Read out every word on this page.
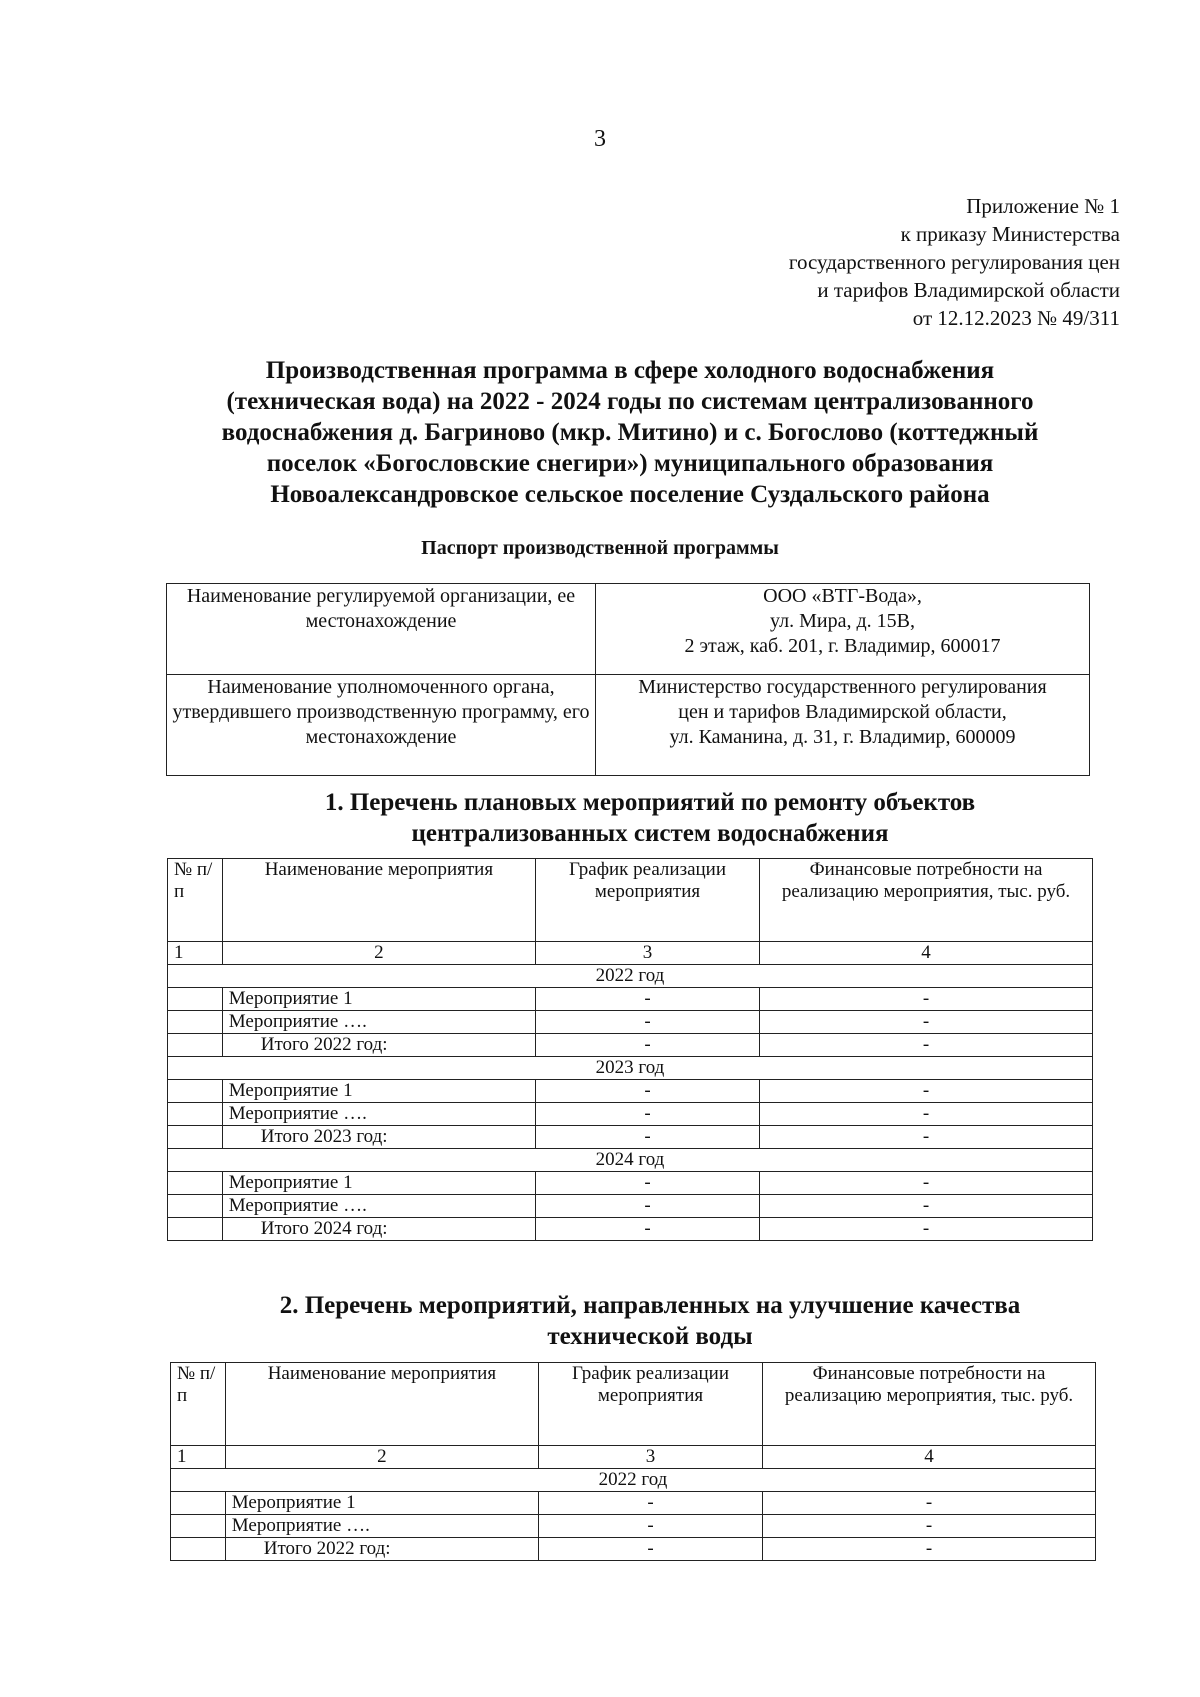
3
Приложение № 1
к приказу Министерства
государственного регулирования цен
и тарифов Владимирской области
от 12.12.2023 № 49/311
Производственная программа в сфере холодного водоснабжения
(техническая вода) на 2022 - 2024 годы по системам централизованного
водоснабжения д. Багриново (мкр. Митино) и с. Богослово (коттеджный
поселок «Богословские снегири») муниципального образования
Новоалександровское сельское поселение Суздальского района
Паспорт производственной программы
Наименование регулируемой организации, ее местонахождение	ООО «ВТГ-Вода»,
ул. Мира, д. 15В,
2 этаж, каб. 201, г. Владимир, 600017

Наименование уполномоченного органа, утвердившего производственную программу, его местонахождение	Министерство государственного регулирования
цен и тарифов Владимирской области,
ул. Каманина, д. 31, г. Владимир, 600009
1. Перечень плановых мероприятий по ремонту объектов
централизованных систем водоснабжения
№ п/п	Наименование мероприятия	График реализации мероприятия	Финансовые потребности на реализацию мероприятия, тыс. руб.
1	2	3	4
2022 год			
	Мероприятие 1	-	-
	Мероприятие ….	-	-
	Итого 2022 год:	-	-
2023 год			
	Мероприятие 1	-	-
	Мероприятие ….	-	-
	Итого 2023 год:	-	-
2024 год			
	Мероприятие 1	-	-
	Мероприятие ….	-	-
	Итого 2024 год:	-	-
2. Перечень мероприятий, направленных на улучшение качества
технической воды
№ п/п	Наименование мероприятия	График реализации мероприятия	Финансовые потребности на реализацию мероприятия, тыс. руб.
1	2	3	4
2022 год			
	Мероприятие 1	-	-
	Мероприятие ….	-	-
	Итого 2022 год:	-	-
